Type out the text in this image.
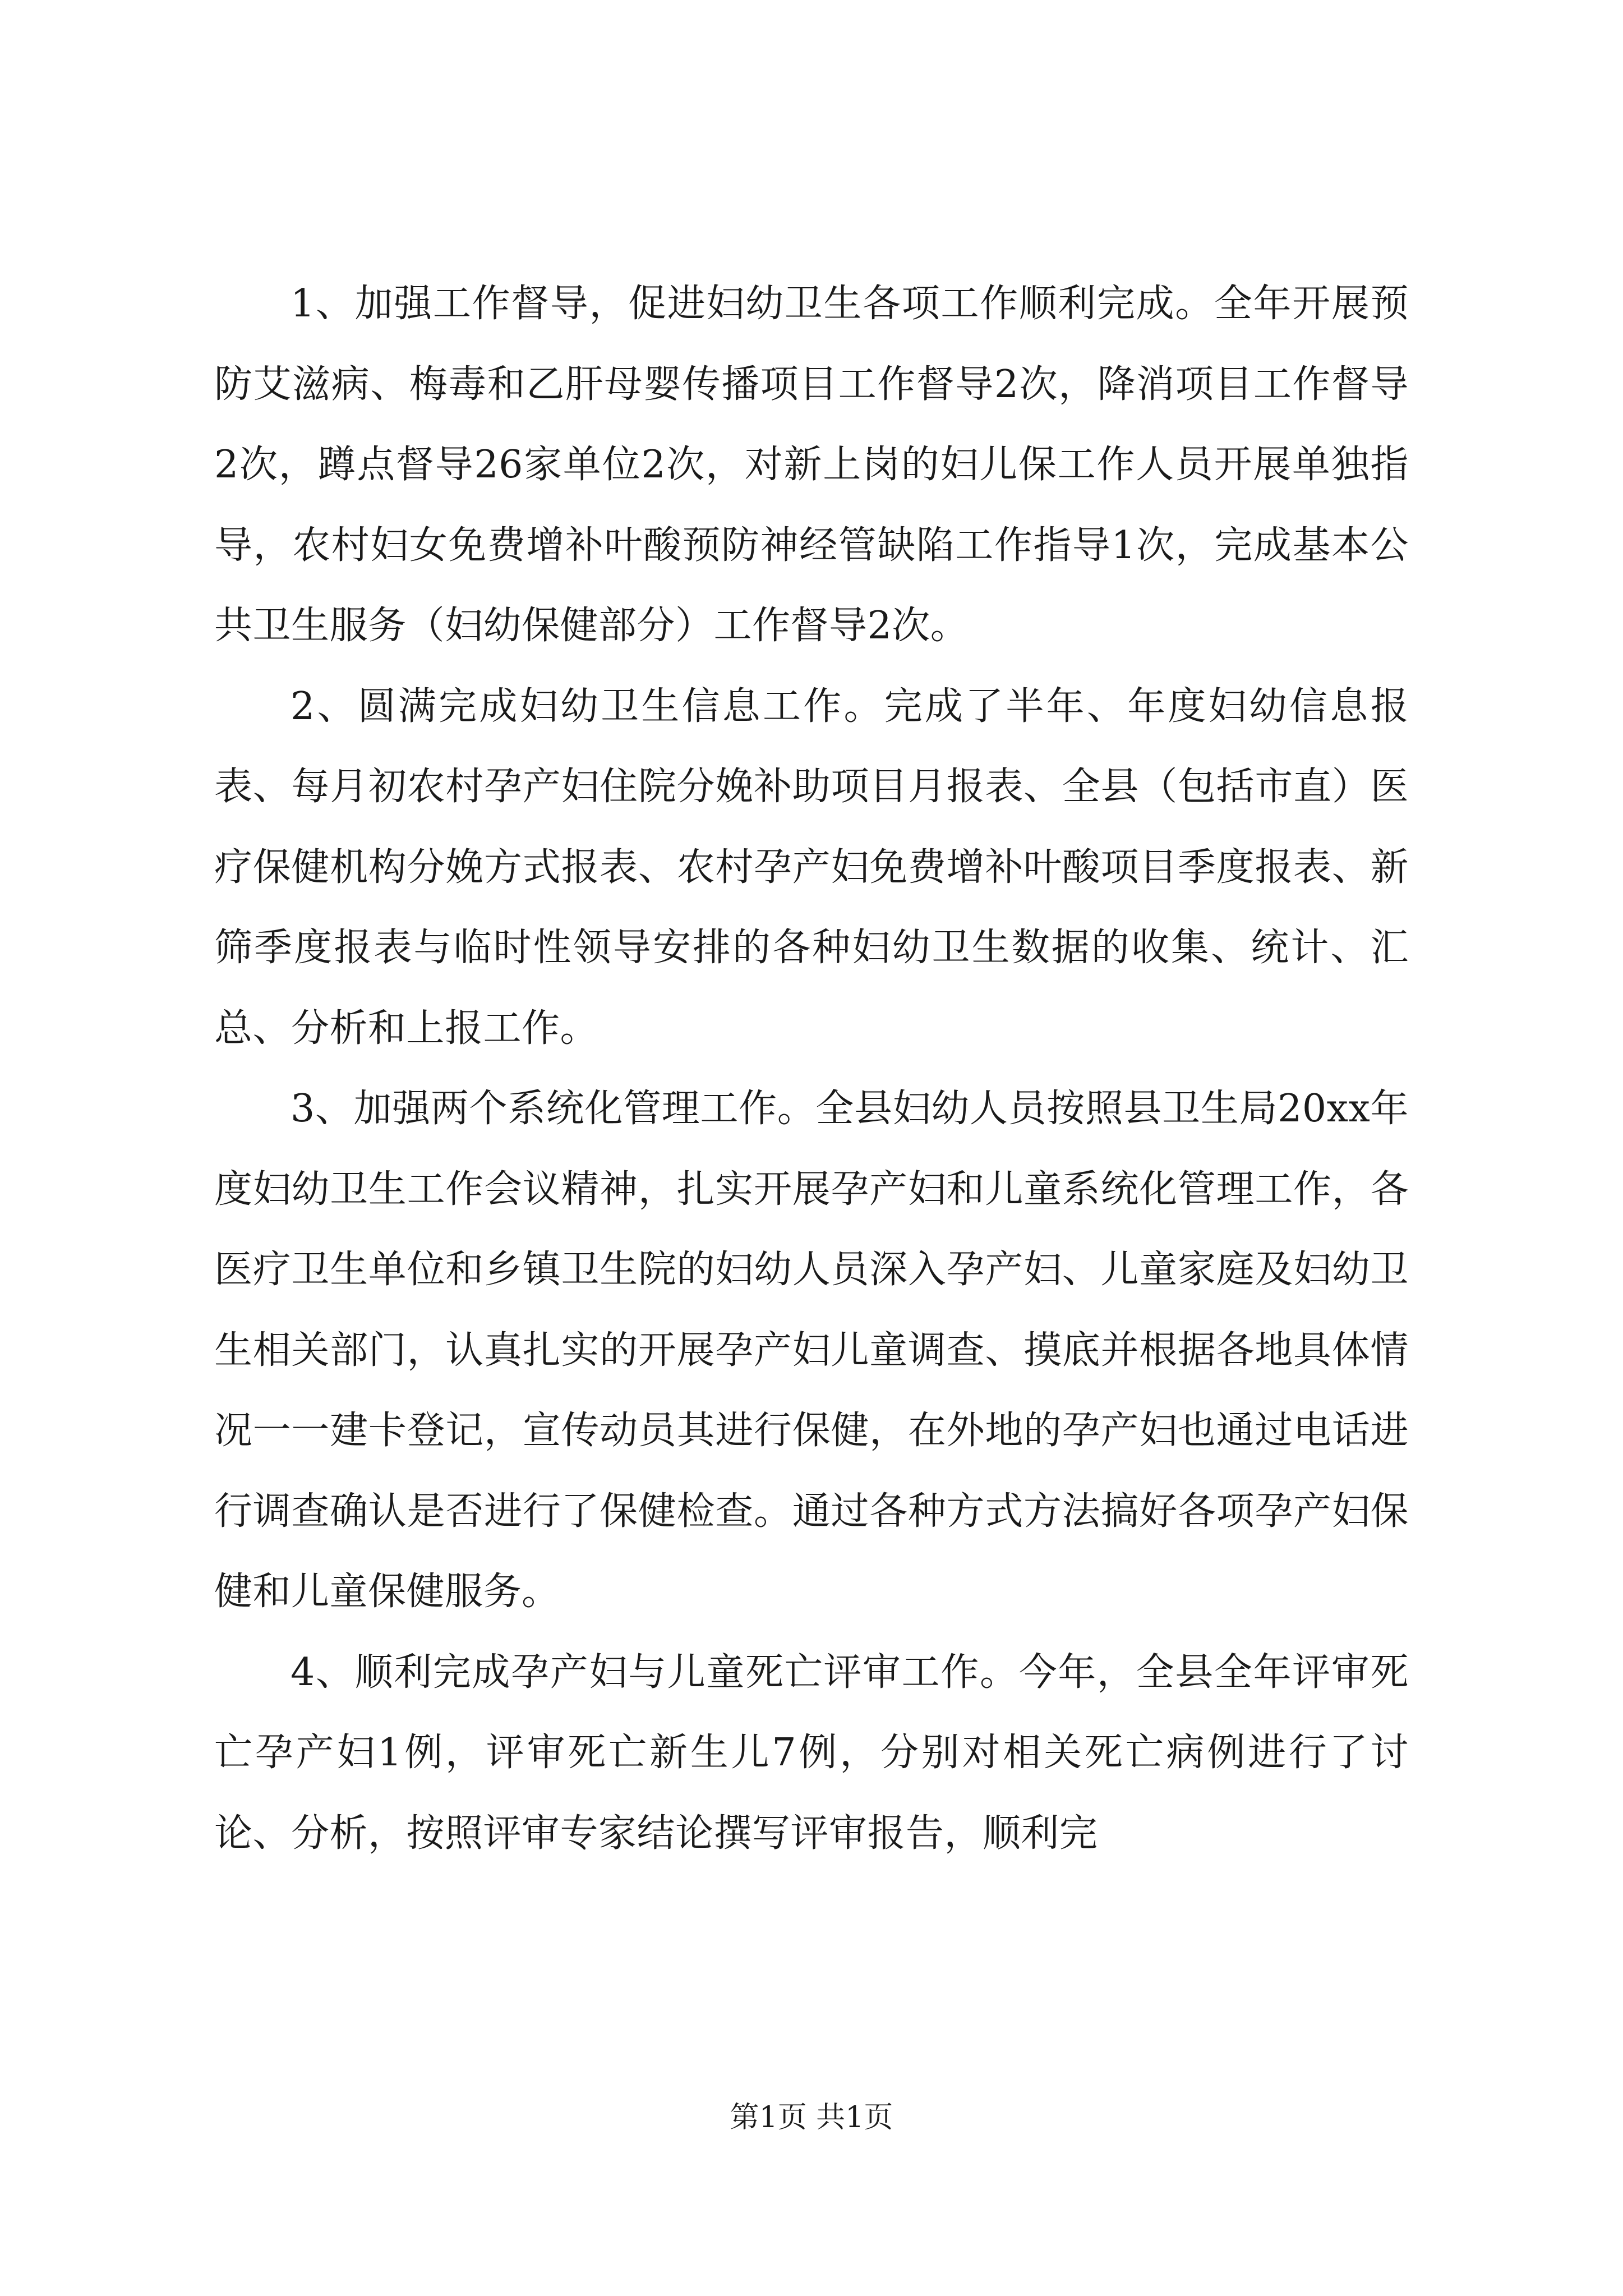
1、加强工作督导，促进妇幼卫生各项工作顺利完成。全年开展预防艾滋病、梅毒和乙肝母婴传播项目工作督导2次，降消项目工作督导2次，蹲点督导26家单位2次，对新上岗的妇儿保工作人员开展单独指导，农村妇女免费增补叶酸预防神经管缺陷工作指导1次，完成基本公共卫生服务（妇幼保健部分）工作督导2次。

2、圆满完成妇幼卫生信息工作。完成了半年、年度妇幼信息报表、每月初农村孕产妇住院分娩补助项目月报表、全县（包括市直）医疗保健机构分娩方式报表、农村孕产妇免费增补叶酸项目季度报表、新筛季度报表与临时性领导安排的各种妇幼卫生数据的收集、统计、汇总、分析和上报工作。

3、加强两个系统化管理工作。全县妇幼人员按照县卫生局20xx年度妇幼卫生工作会议精神，扎实开展孕产妇和儿童系统化管理工作，各医疗卫生单位和乡镇卫生院的妇幼人员深入孕产妇、儿童家庭及妇幼卫生相关部门，认真扎实的开展孕产妇儿童调查、摸底并根据各地具体情况一一建卡登记，宣传动员其进行保健，在外地的孕产妇也通过电话进行调查确认是否进行了保健检查。通过各种方式方法搞好各项孕产妇保健和儿童保健服务。

4、顺利完成孕产妇与儿童死亡评审工作。今年，全县全年评审死亡孕产妇1例，评审死亡新生儿7例，分别对相关死亡病例进行了讨论、分析，按照评审专家结论撰写评审报告，顺利完

第1页 共1页
